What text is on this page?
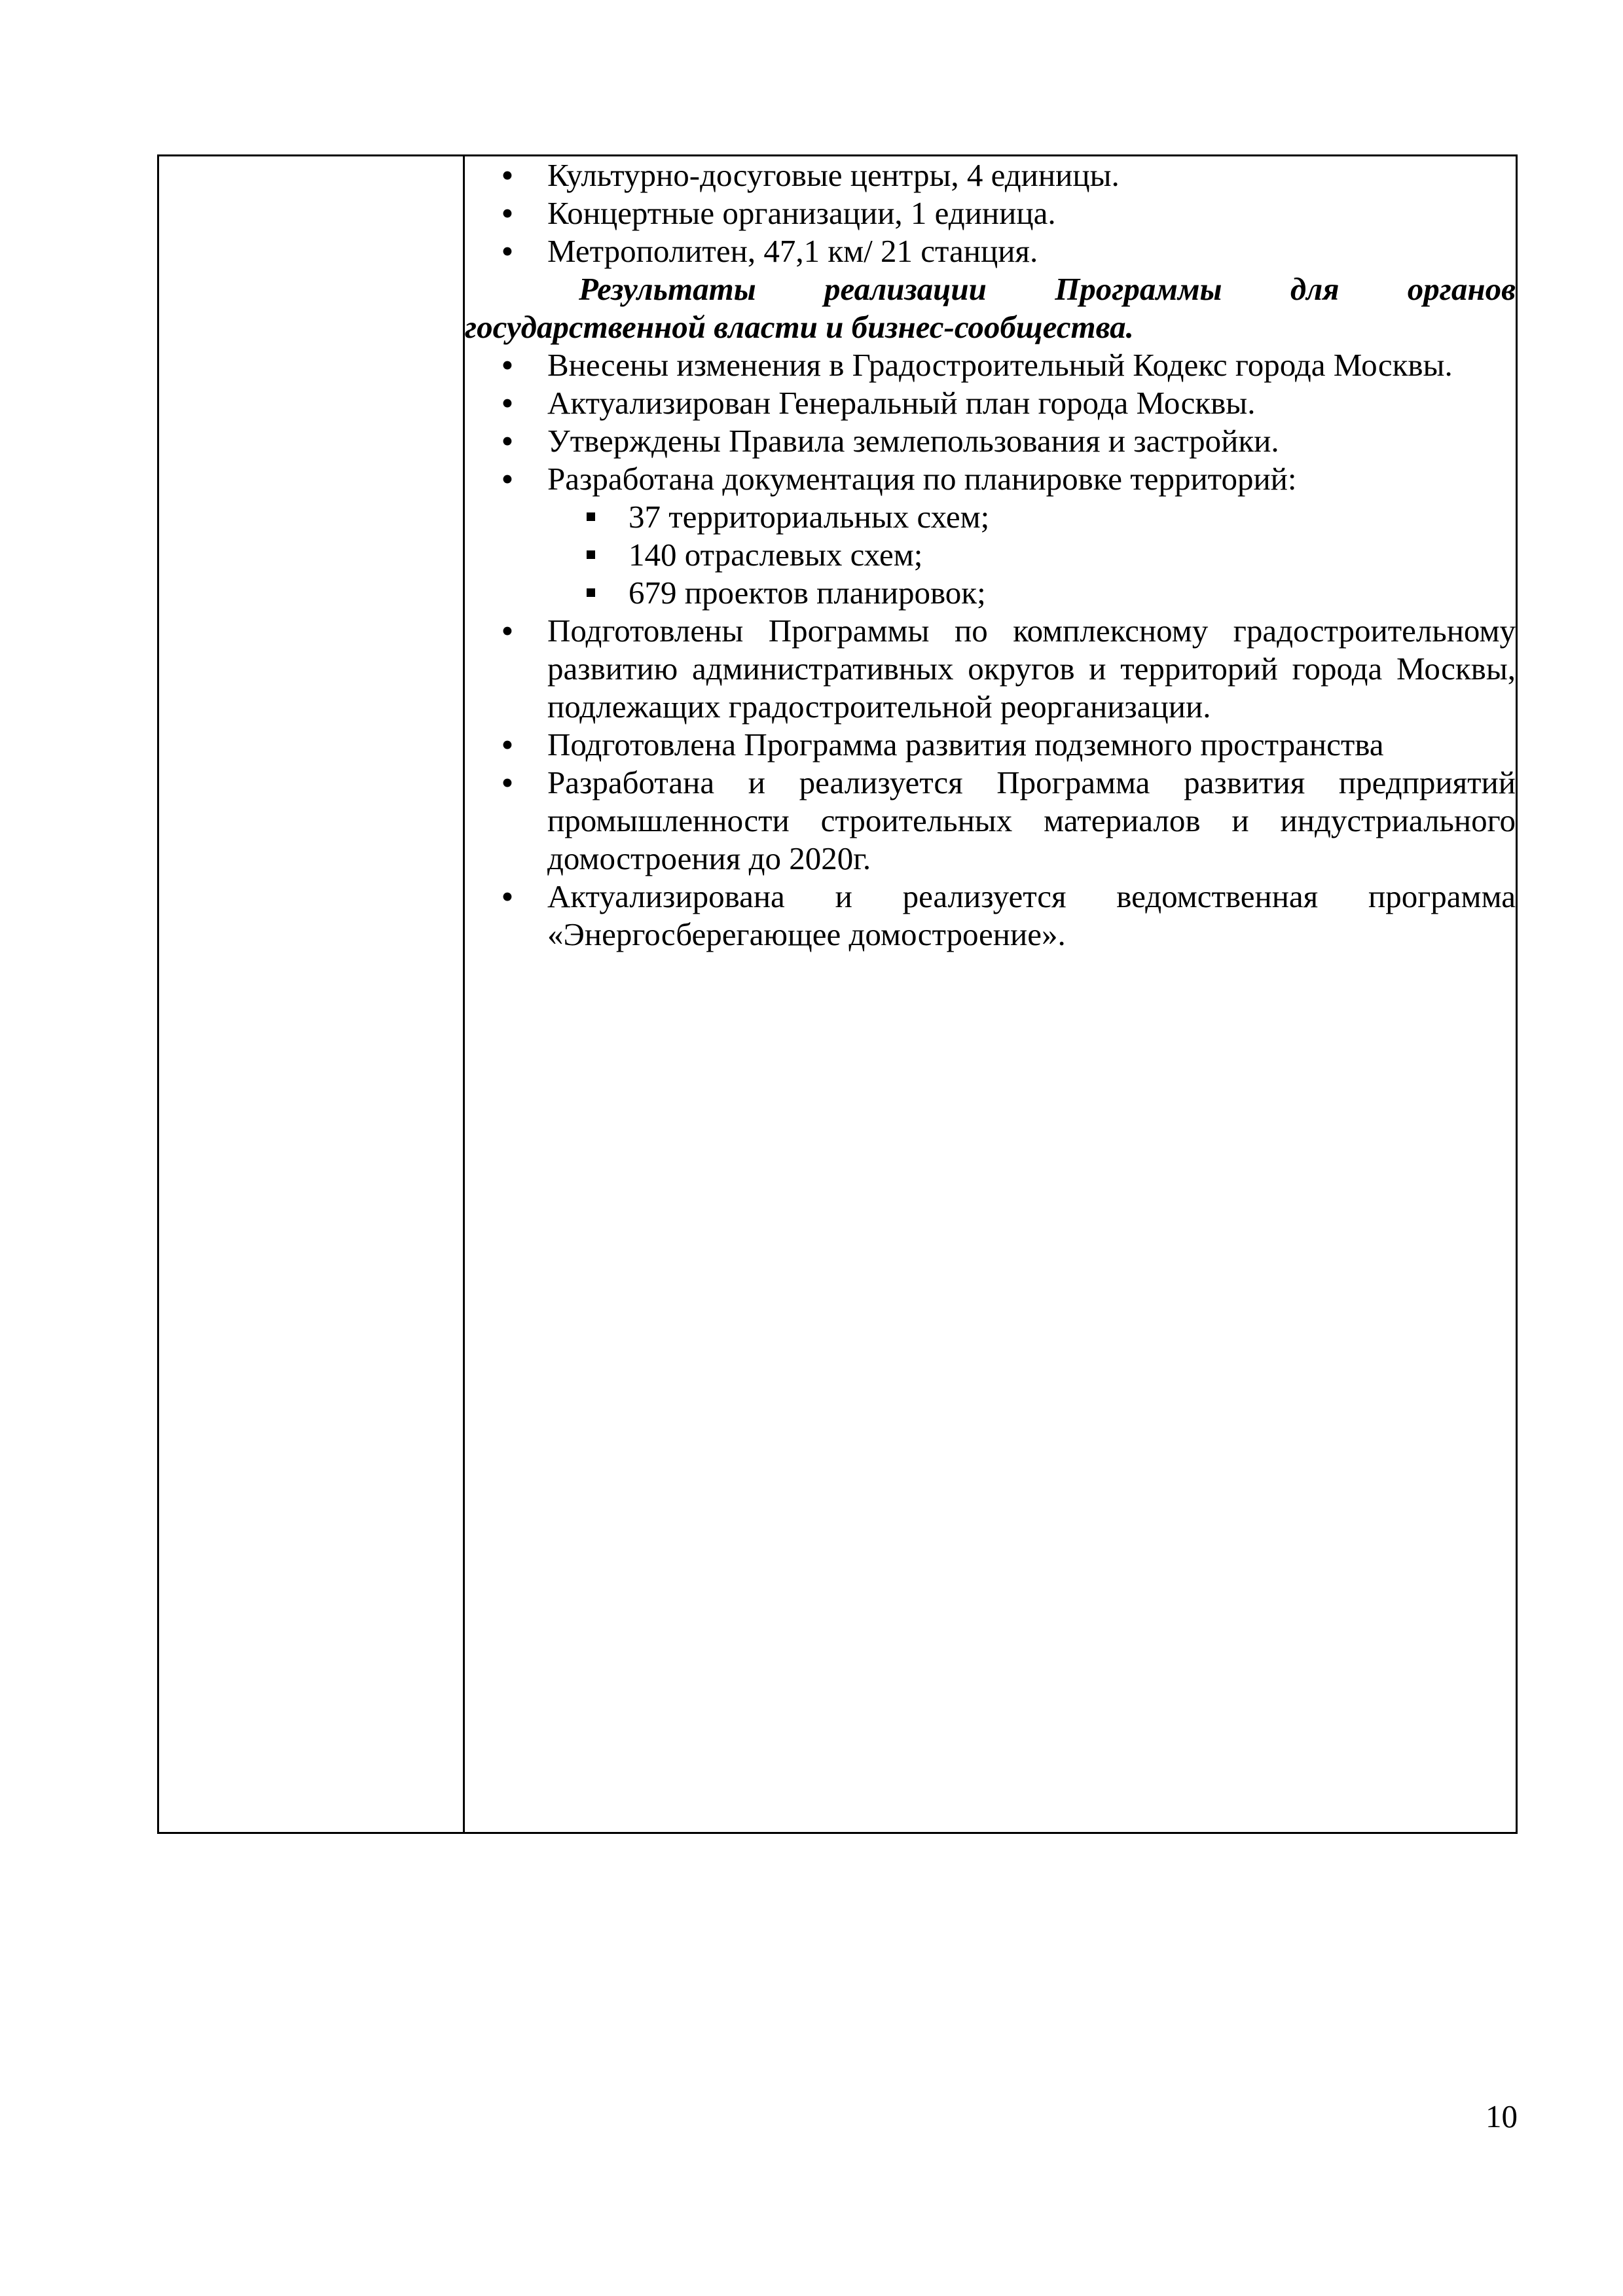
• Культурно-досуговые центры, 4 единицы.
• Концертные организации, 1 единица.
• Метрополитен, 47,1 км/ 21 станция.

Результаты реализации Программы для органов государственной власти и бизнес-сообщества.

• Внесены изменения в Градостроительный Кодекс города Москвы.
• Актуализирован Генеральный план города Москвы.
• Утверждены Правила землепользования и застройки.
• Разработана документация по планировке территорий:
37 территориальных схем;
140 отраслевых схем;
679 проектов планировок;
• Подготовлены Программы по комплексному градостроительному развитию административных округов и территорий города Москвы, подлежащих градостроительной реорганизации.
• Подготовлена Программа развития подземного пространства
• Разработана и реализуется Программа развития предприятий промышленности строительных материалов и индустриального домостроения до 2020г.
• Актуализирована и реализуется ведомственная программа «Энергосберегающее домостроение».
10
